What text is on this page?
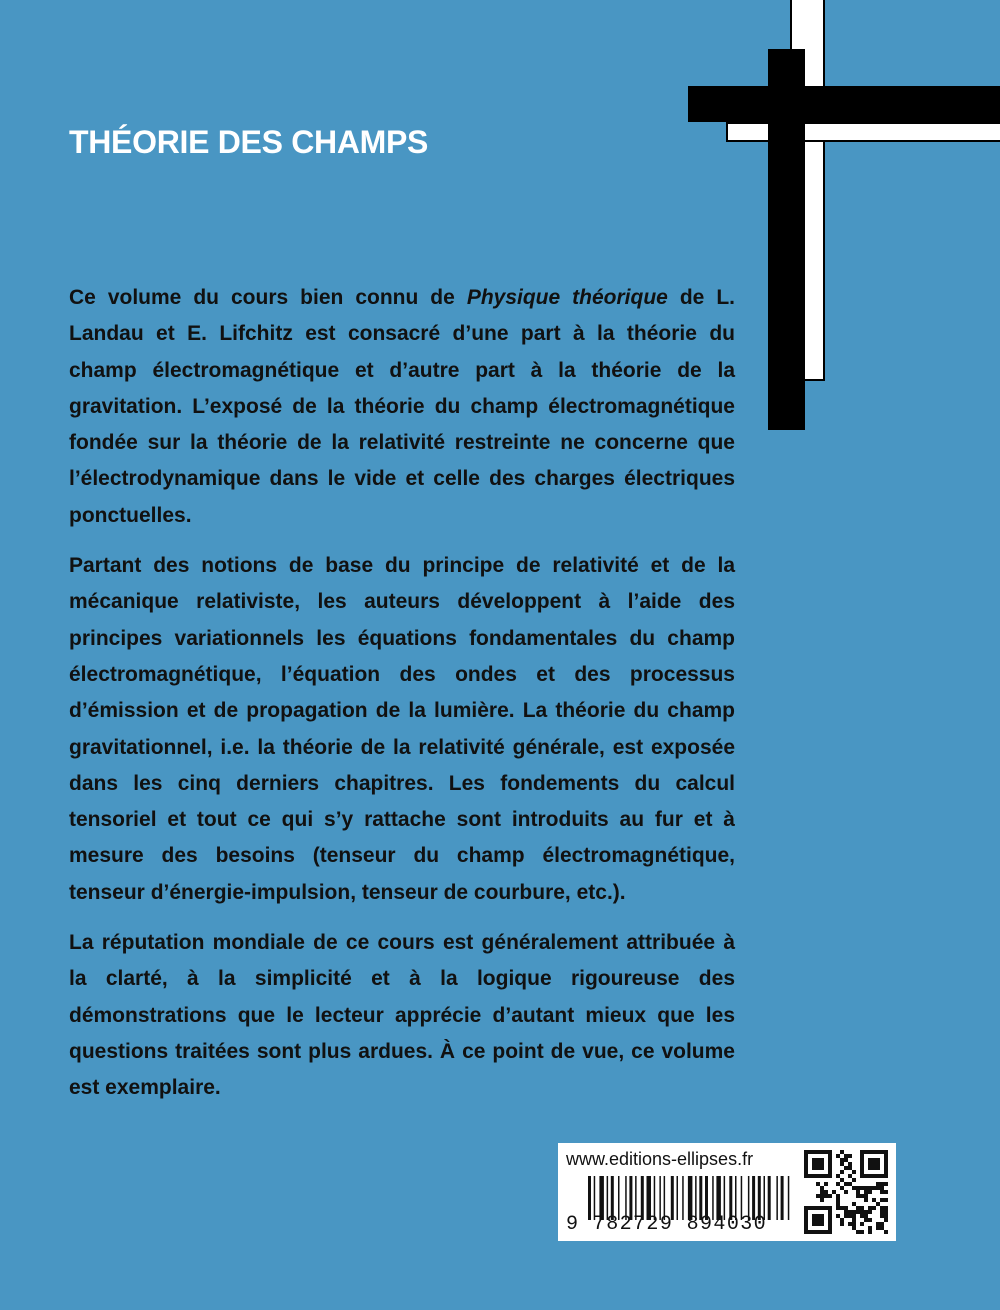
THÉORIE DES CHAMPS

Ce volume du cours bien connu de Physique théorique de L. Landau et E. Lifchitz est consacré d’une part à la théorie du champ électromagnétique et d’autre part à la théorie de la gravitation. L’exposé de la théorie du champ électromagnétique fondée sur la théorie de la relativité restreinte ne concerne que l’électrodynamique dans le vide et celle des charges électriques ponctuelles.

Partant des notions de base du principe de relativité et de la mécanique relativiste, les auteurs développent à l’aide des principes variationnels les équations fondamentales du champ électromagnétique, l’équation des ondes et des processus d’émission et de propagation de la lumière. La théorie du champ gravitationnel, i.e. la théorie de la relativité générale, est exposée dans les cinq derniers chapitres. Les fondements du calcul tensoriel et tout ce qui s’y rattache sont introduits au fur et à mesure des besoins (tenseur du champ électromagnétique, tenseur d’énergie-impulsion, tenseur de courbure, etc.).

La réputation mondiale de ce cours est généralement attribuée à la clarté, à la simplicité et à la logique rigoureuse des démonstrations que le lecteur apprécie d’autant mieux que les questions traitées sont plus ardues. À ce point de vue, ce volume est exemplaire.

www.editions-ellipses.fr
9 782729 894030
